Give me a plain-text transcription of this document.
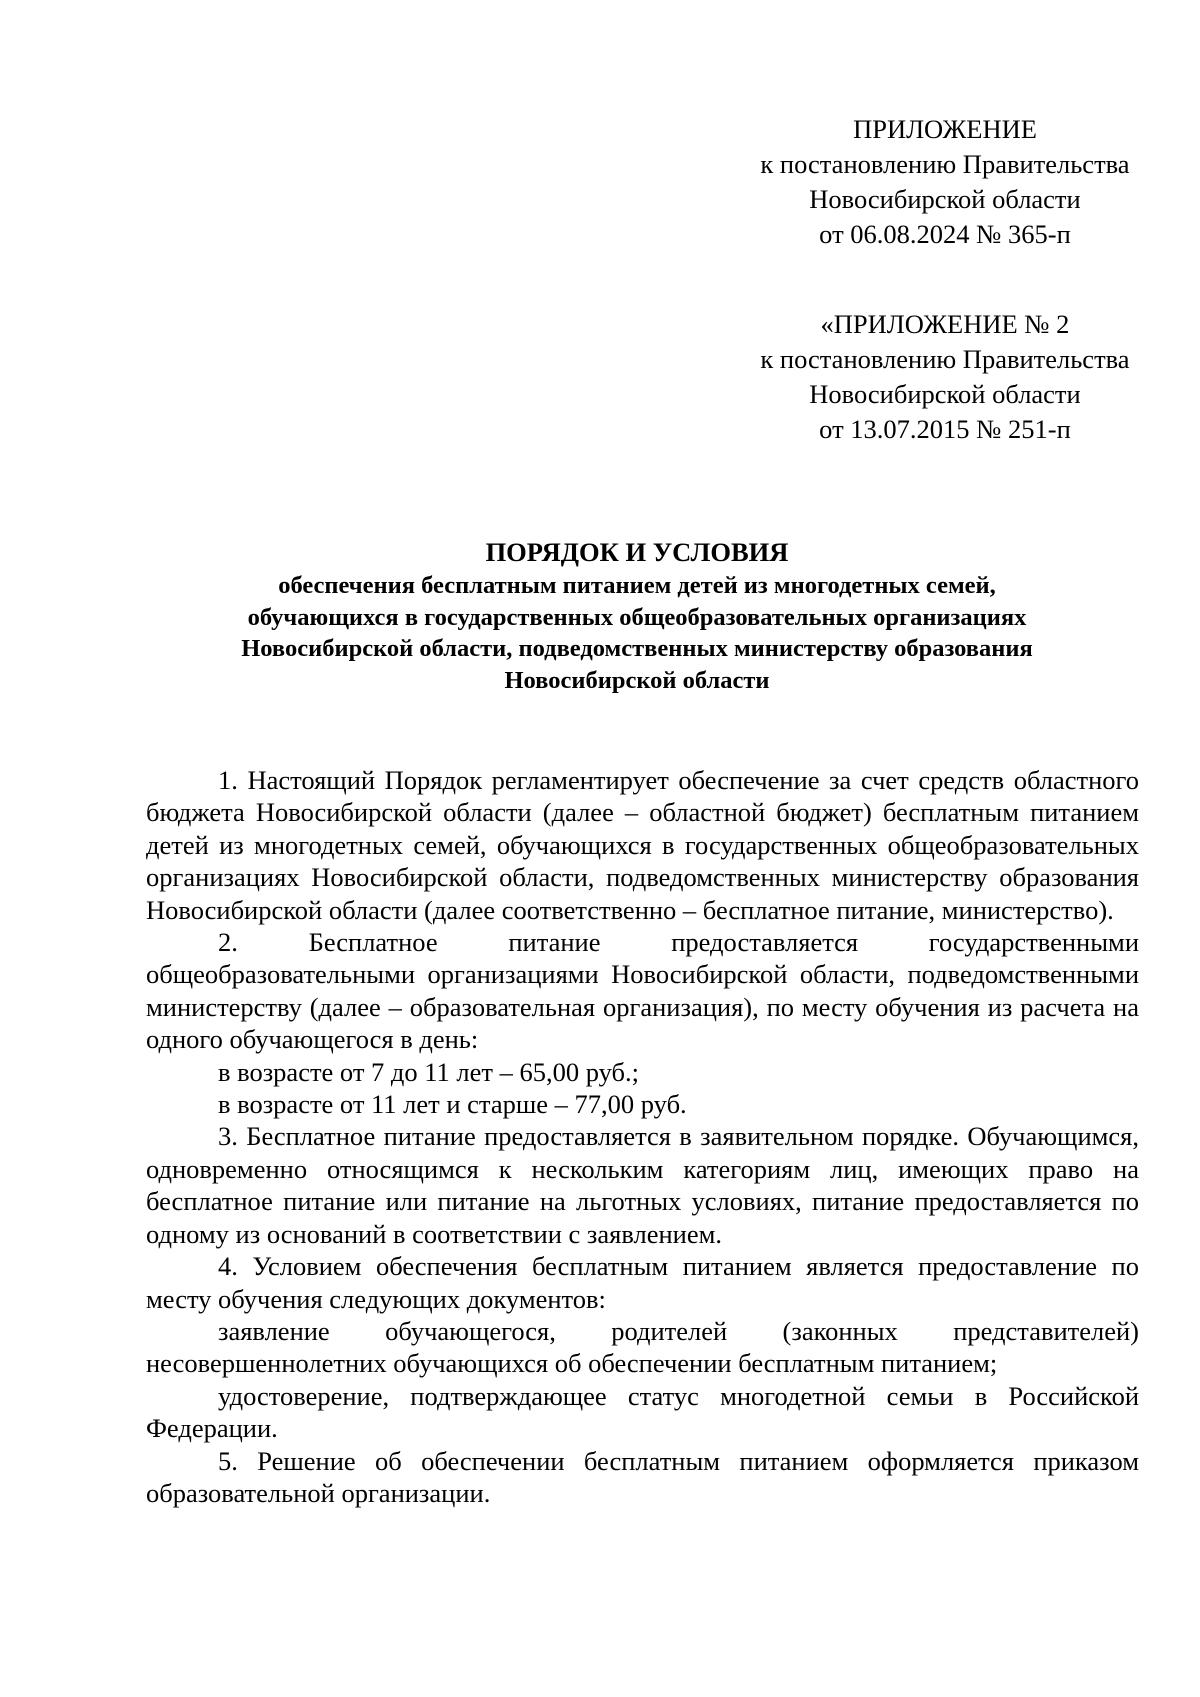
ПРИЛОЖЕНИЕ
к постановлению Правительства
Новосибирской области
от 06.08.2024 № 365-п
«ПРИЛОЖЕНИЕ № 2
к постановлению Правительства
Новосибирской области
от 13.07.2015 № 251-п
ПОРЯДОК И УСЛОВИЯ
обеспечения бесплатным питанием детей из многодетных семей,
обучающихся в государственных общеобразовательных организациях
Новосибирской области, подведомственных министерству образования
Новосибирской области

1. Настоящий Порядок регламентирует обеспечение за счет средств областного бюджета Новосибирской области (далее – областной бюджет) бесплатным питанием детей из многодетных семей, обучающихся в государственных общеобразовательных организациях Новосибирской области, подведомственных министерству образования Новосибирской области (далее соответственно – бесплатное питание, министерство).

2. Бесплатное питание предоставляется государственными общеобразовательными организациями Новосибирской области, подведомственными министерству (далее – образовательная организация), по месту обучения из расчета на одного обучающегося в день:

в возрасте от 7 до 11 лет – 65,00 руб.;

в возрасте от 11 лет и старше – 77,00 руб.

3. Бесплатное питание предоставляется в заявительном порядке. Обучающимся, одновременно относящимся к нескольким категориям лиц, имеющих право на бесплатное питание или питание на льготных условиях, питание предоставляется по одному из оснований в соответствии с заявлением.

4. Условием обеспечения бесплатным питанием является предоставление по месту обучения следующих документов:

заявление обучающегося, родителей (законных представителей) несовершеннолетних обучающихся об обеспечении бесплатным питанием;

удостоверение, подтверждающее статус многодетной семьи в Российской Федерации.

5. Решение об обеспечении бесплатным питанием оформляется приказом образовательной организации.
